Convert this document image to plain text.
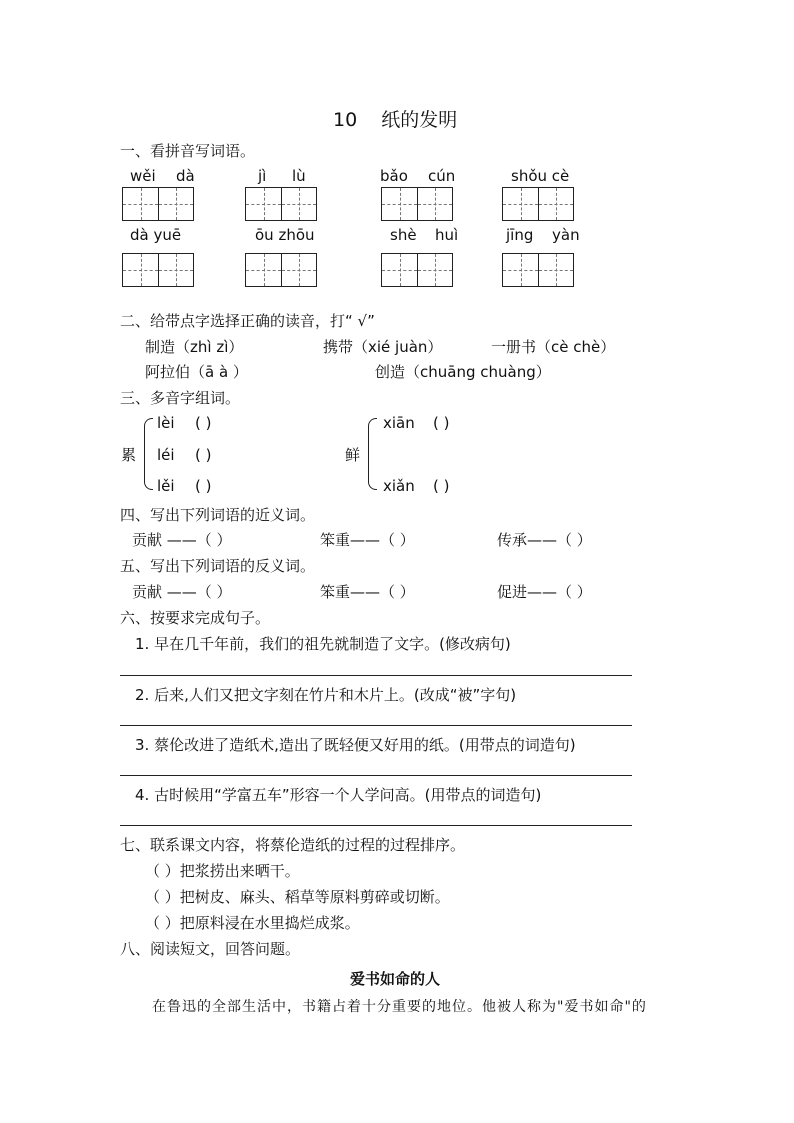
10 纸的发明
一、看拼音写词语。
wěi dà	jì lù	bǎo cún	shǒu cè
dà yuē	ōu zhōu	shè huì	jīng yàn
二、给带点字选择正确的读音，打“ √”
制造（zhì zì）	携带（xié juàn）	一册书（cè chè）
阿拉伯（ā à ）	创造（chuāng chuàng）
三、多音字组词。
累
lèi ( )
léi ( )
lěi ( )
鲜
xiān ( )
xiǎn ( )
四、写出下列词语的近义词。
贡献 ——（ ）	笨重——（ ）	传承——（ ）
五、写出下列词语的反义词。
贡献 ——（ ）	笨重——（ ）	促进——（ ）
六、按要求完成句子。
1. 早在几千年前，我们的祖先就制造了文字。(修改病句)
2. 后来,人们又把文字刻在竹片和木片上。(改成“被”字句)
3. 蔡伦改进了造纸术,造出了既轻便又好用的纸。(用带点的词造句)
4. 古时候用“学富五车”形容一个人学问高。(用带点的词造句)
七、联系课文内容，将蔡伦造纸的过程的过程排序。
（ ）把浆捞出来晒干。
（ ）把树皮、麻头、稻草等原料剪碎或切断。
（ ）把原料浸在水里捣烂成浆。
八、阅读短文，回答问题。
爱书如命的人
在鲁迅的全部生活中，书籍占着十分重要的地位。他被人称为"爱书如命"的
